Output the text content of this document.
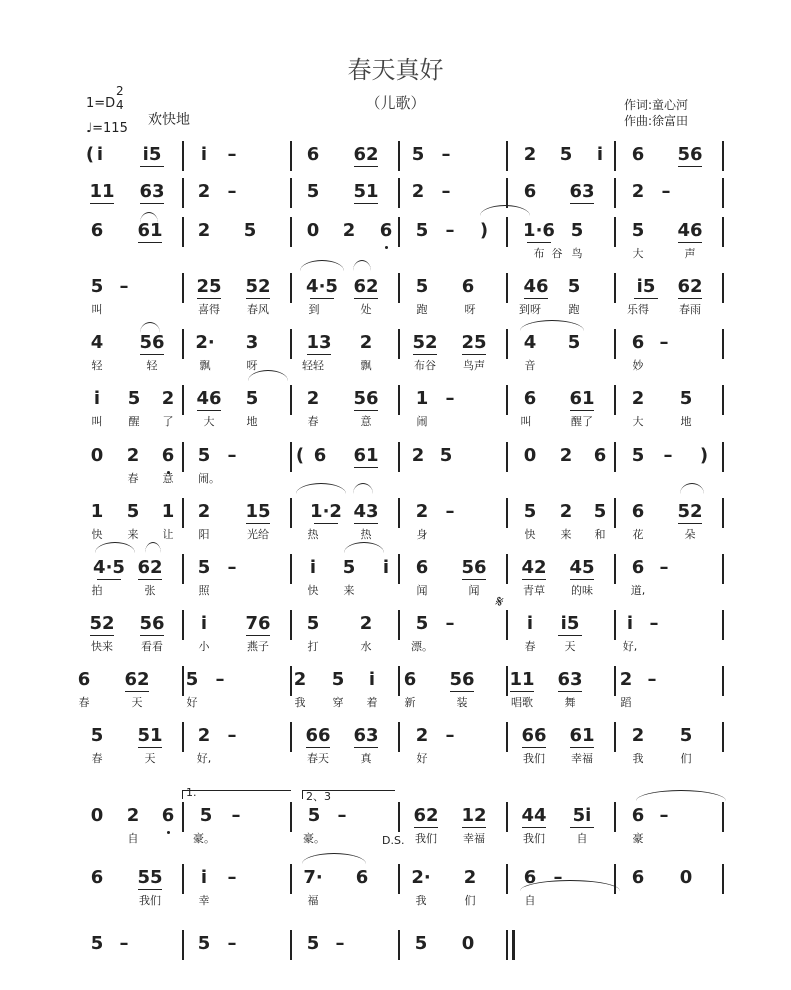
春天真好
（儿歌）
1=D
2
4
♩=115
欢快地
作词:童心河
作曲:徐富田
( i i5 i –	6 62 5 –	2 5 i 6 56
11 63 2 –	5 51 2 –	6 63 2 –
6 61 2 5	0 2 6 5 – ) 1·6 5	5 46
布 谷 鸟	大	声
5 –	25 52 4·5 62 5 6	46 5	i5 62
叫	喜得 春风	到	处	跑	呀	到呀	跑	乐得	春雨
4 56 2· 3	13 2 52 25 4 5	6 –
轻	轻	飘	呀	轻轻	飘	布谷 鸟声	音	妙
i 5 2 46 5	2 56 1 –	6 61 2 5
叫 醒 了	大	地	春	意	闹	叫	醒了	大	地
0 2 6 5 –	( 6 61 2 5	0 2 6 5 – )
春 意 闹。
1 5 1 2 15 1·2 43 2 –	5 2 5 6 52
快 来 让 阳	光给	热	热	身	快 来 和 花	朵
4·5 62 5 –	i 5 i 6 56 42 45 6 –
拍	张	照	快 来	闻	闻	青草 的味	道,
52 56 i 76 5 2 5 –	i i5	i –
快来	看看	小	燕子	打	水	漂。	春	天	好,
6 62 5 –	2 5 i 6 56 11 63 2 –
春	天	好	我 穿 着 新	装	唱歌	舞	蹈
5 51 2 –	66 63 2 –	66 61 2 5
春	天	好,	春天	真	好	我们 幸福	我	们
0 2 6 5 –	5 –	62 12 44 5i 6 –
自	豪。	豪。	我们 幸福	我们	自	豪
6 55 i –	7· 6 2· 2	6 –	6 0
我们	幸	福	我	们	自
5 –	5 –	5 –	5 0
𝄋
1.	2、3
D.S.
